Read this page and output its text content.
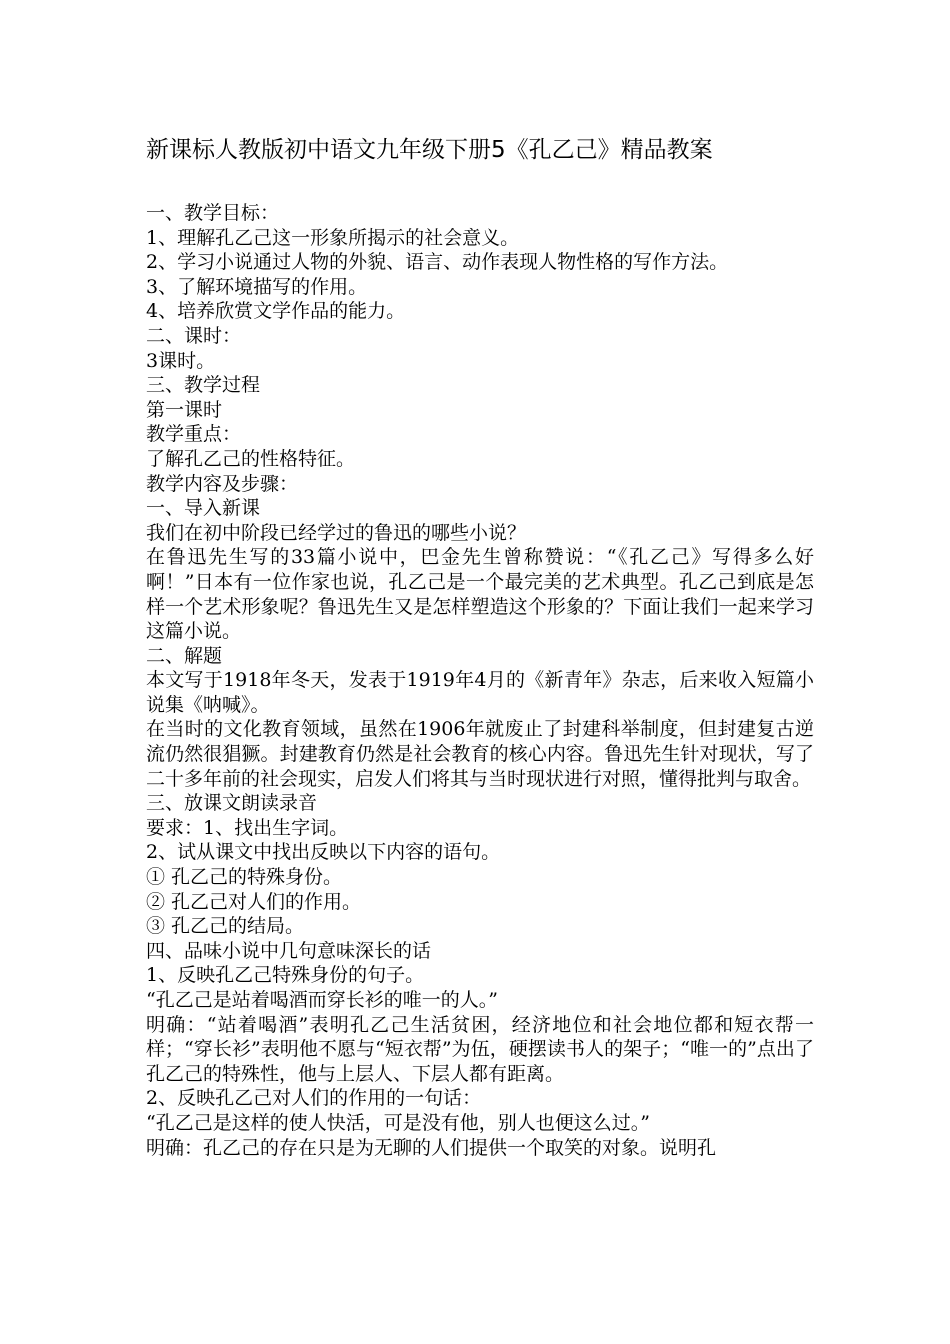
新课标人教版初中语文九年级下册5《孔乙己》精品教案

一、教学目标：

1、理解孔乙己这一形象所揭示的社会意义。

2、学习小说通过人物的外貌、语言、动作表现人物性格的写作方法。

3、了解环境描写的作用。

4、培养欣赏文学作品的能力。

二、课时：

3课时。

三、教学过程

第一课时

教学重点：

了解孔乙己的性格特征。

教学内容及步骤：

一、导入新课

我们在初中阶段已经学过的鲁迅的哪些小说？

在鲁迅先生写的33篇小说中，巴金先生曾称赞说：“《孔乙己》写得多么好啊！”日本有一位作家也说，孔乙己是一个最完美的艺术典型。孔乙己到底是怎样一个艺术形象呢？鲁迅先生又是怎样塑造这个形象的？下面让我们一起来学习这篇小说。

二、解题

本文写于1918年冬天，发表于1919年4月的《新青年》杂志，后来收入短篇小说集《呐喊》。

在当时的文化教育领域，虽然在1906年就废止了封建科举制度，但封建复古逆流仍然很猖獗。封建教育仍然是社会教育的核心内容。鲁迅先生针对现状，写了二十多年前的社会现实，启发人们将其与当时现状进行对照，懂得批判与取舍。

三、放课文朗读录音

要求：1、找出生字词。

2、试从课文中找出反映以下内容的语句。

① 孔乙己的特殊身份。

② 孔乙己对人们的作用。

③ 孔乙己的结局。

四、品味小说中几句意味深长的话

1、反映孔乙己特殊身份的句子。

“孔乙己是站着喝酒而穿长衫的唯一的人。”

明确：“站着喝酒”表明孔乙己生活贫困，经济地位和社会地位都和短衣帮一样；“穿长衫”表明他不愿与“短衣帮”为伍，硬摆读书人的架子；“唯一的”点出了孔乙己的特殊性，他与上层人、下层人都有距离。

2、反映孔乙己对人们的作用的一句话：

“孔乙己是这样的使人快活，可是没有他，别人也便这么过。”

明确：孔乙己的存在只是为无聊的人们提供一个取笑的对象。说明孔
